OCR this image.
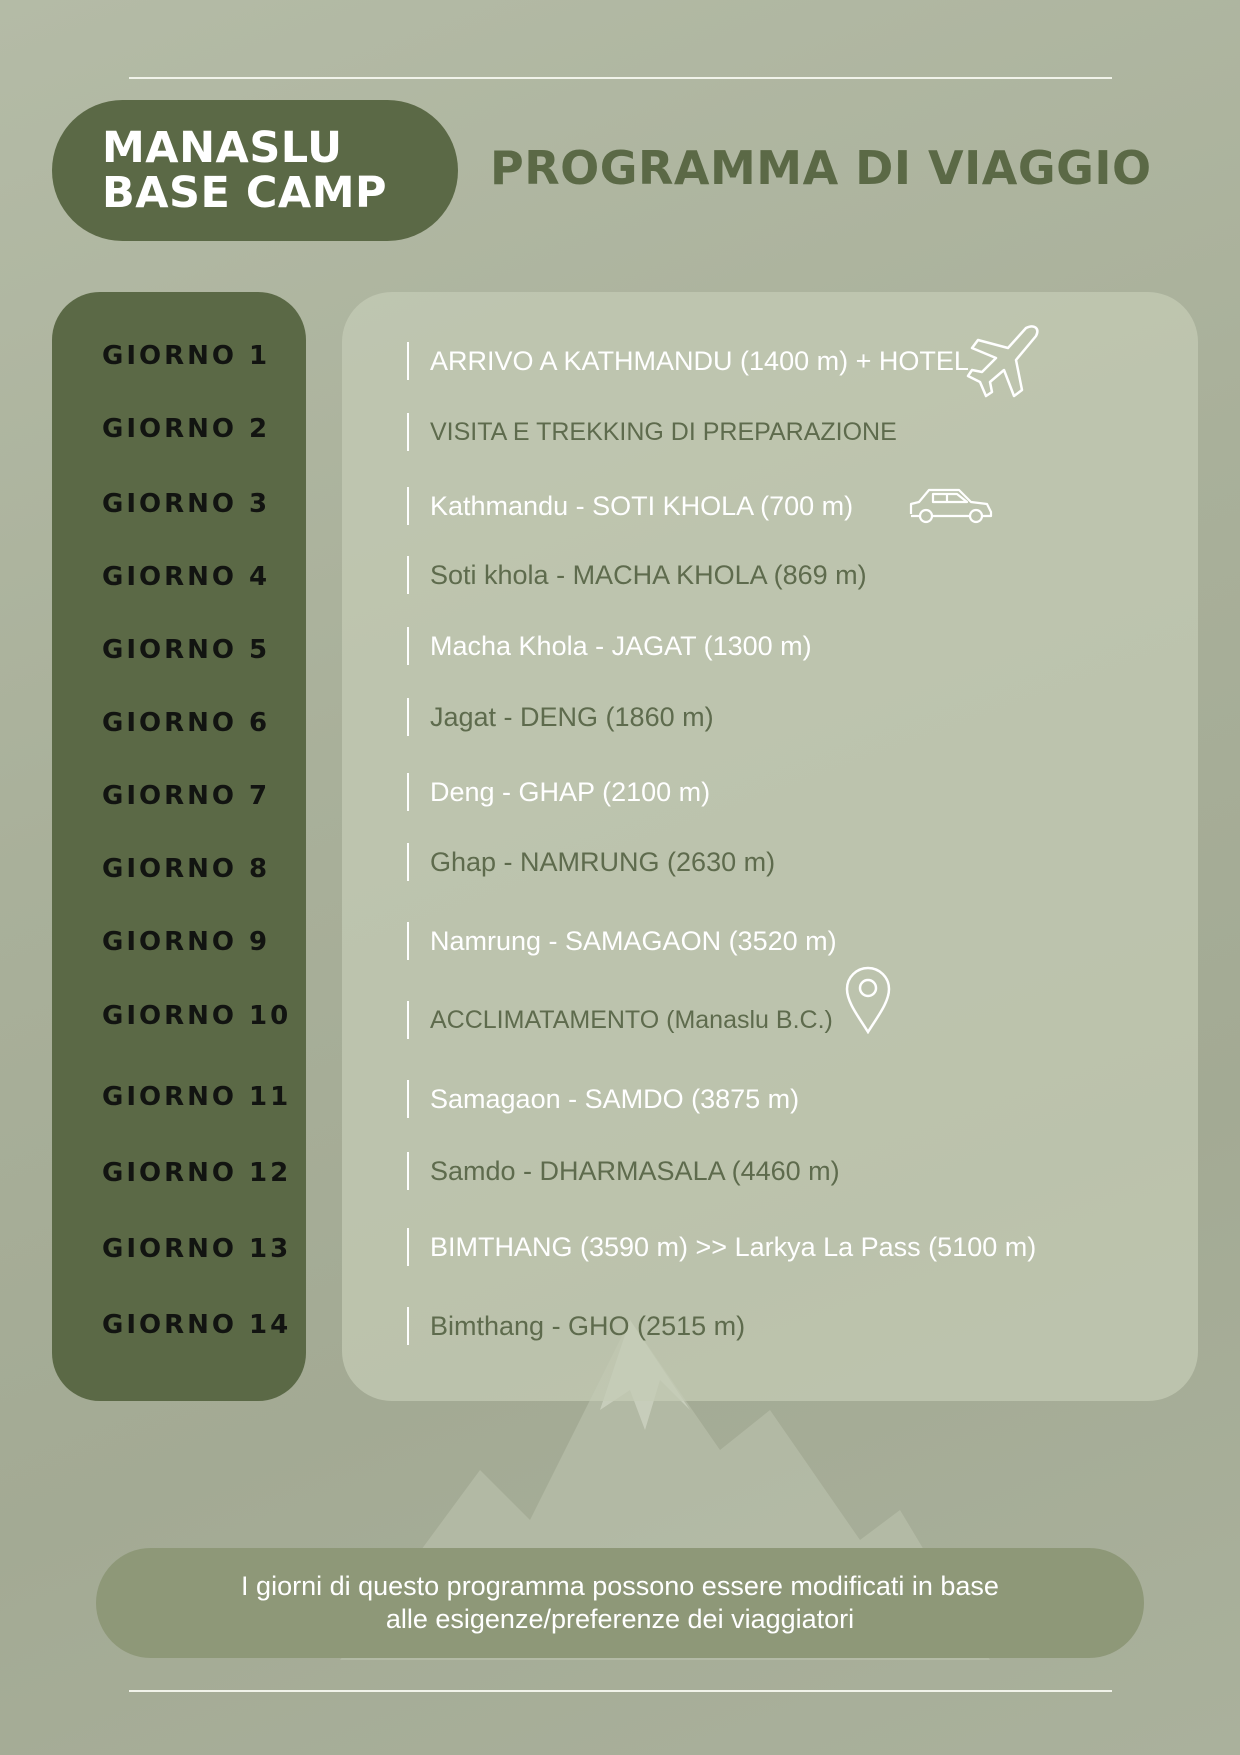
MANASLU
BASE CAMP PROGRAMMA DI VIAGGIO
GIORNO 1
GIORNO 2
GIORNO 3
GIORNO 4
GIORNO 5
GIORNO 6
GIORNO 7
GIORNO 8
GIORNO 9
GIORNO 10
GIORNO 11
GIORNO 12
GIORNO 13
GIORNO 14
ARRIVO A KATHMANDU (1400 m) + HOTEL
VISITA E TREKKING DI PREPARAZIONE
Kathmandu - SOTI KHOLA (700 m)
Soti khola - MACHA KHOLA (869 m)
Macha Khola - JAGAT (1300 m)
Jagat - DENG (1860 m)
Deng - GHAP (2100 m)
Ghap - NAMRUNG (2630 m)
Namrung - SAMAGAON (3520 m)
ACCLIMATAMENTO (Manaslu B.C.)
Samagaon - SAMDO (3875 m)
Samdo - DHARMASALA (4460 m)
BIMTHANG (3590 m) >> Larkya La Pass (5100 m)
Bimthang - GHO (2515 m)
I giorni di questo programma possono essere modificati in base
alle esigenze/preferenze dei viaggiatori
